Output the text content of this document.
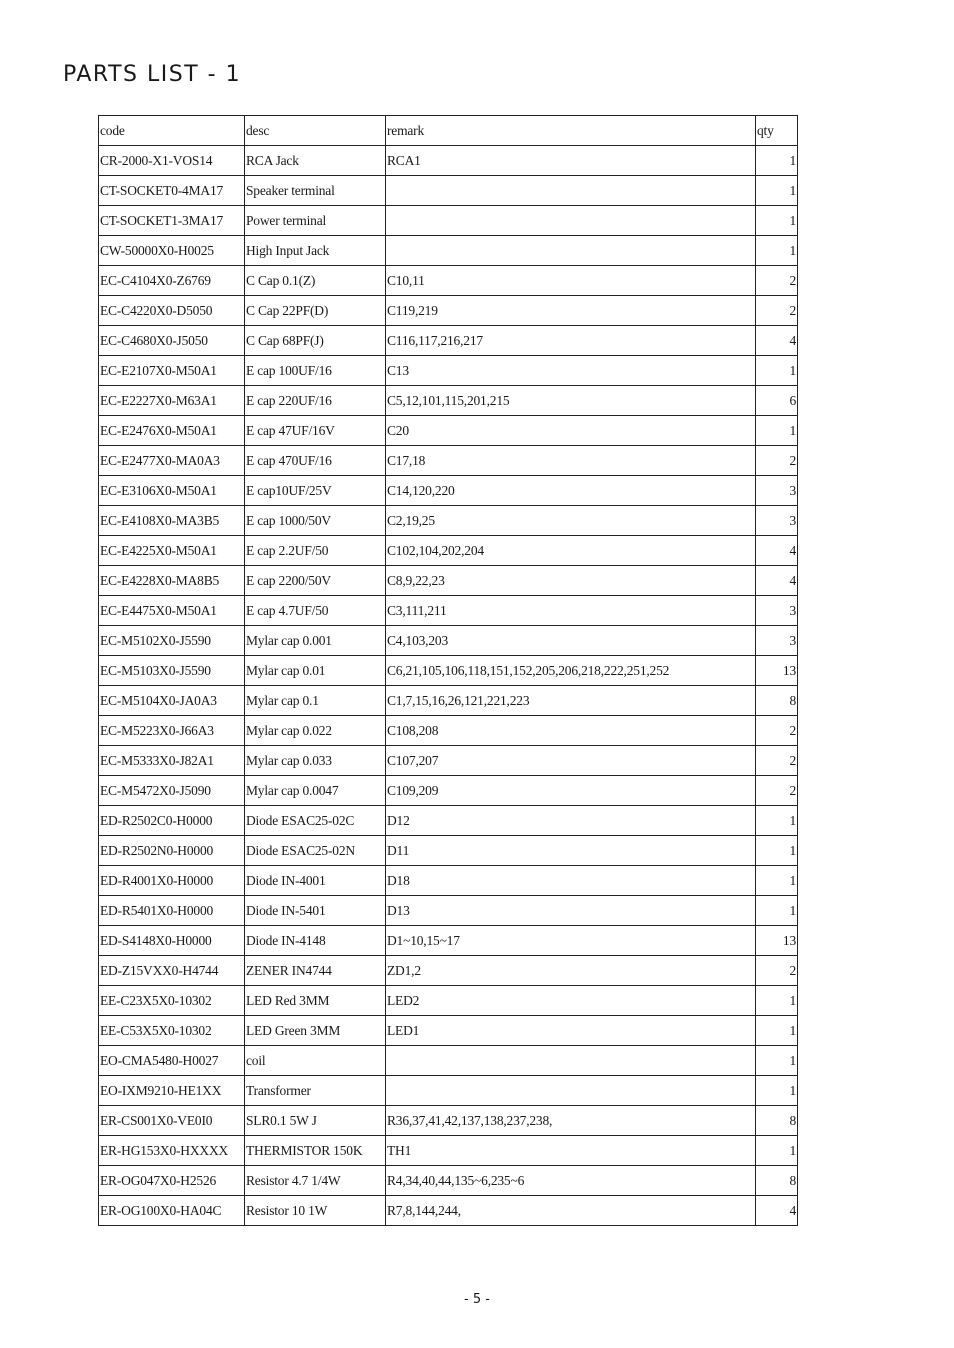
PARTS LIST - 1
code	desc	remark	qty
CR-2000-X1-VOS14	RCA Jack	RCA1	1
CT-SOCKET0-4MA17	Speaker terminal		1
CT-SOCKET1-3MA17	Power terminal		1
CW-50000X0-H0025	High Input Jack		1
EC-C4104X0-Z6769	C Cap 0.1(Z)	C10,11	2
EC-C4220X0-D5050	C Cap 22PF(D)	C119,219	2
EC-C4680X0-J5050	C Cap 68PF(J)	C116,117,216,217	4
EC-E2107X0-M50A1	E cap 100UF/16	C13	1
EC-E2227X0-M63A1	E cap 220UF/16	C5,12,101,115,201,215	6
EC-E2476X0-M50A1	E cap 47UF/16V	C20	1
EC-E2477X0-MA0A3	E cap 470UF/16	C17,18	2
EC-E3106X0-M50A1	E cap10UF/25V	C14,120,220	3
EC-E4108X0-MA3B5	E cap 1000/50V	C2,19,25	3
EC-E4225X0-M50A1	E cap 2.2UF/50	C102,104,202,204	4
EC-E4228X0-MA8B5	E cap 2200/50V	C8,9,22,23	4
EC-E4475X0-M50A1	E cap 4.7UF/50	C3,111,211	3
EC-M5102X0-J5590	Mylar cap 0.001	C4,103,203	3
EC-M5103X0-J5590	Mylar cap 0.01	C6,21,105,106,118,151,152,205,206,218,222,251,252	13
EC-M5104X0-JA0A3	Mylar cap 0.1	C1,7,15,16,26,121,221,223	8
EC-M5223X0-J66A3	Mylar cap 0.022	C108,208	2
EC-M5333X0-J82A1	Mylar cap 0.033	C107,207	2
EC-M5472X0-J5090	Mylar cap 0.0047	C109,209	2
ED-R2502C0-H0000	Diode ESAC25-02C	D12	1
ED-R2502N0-H0000	Diode ESAC25-02N	D11	1
ED-R4001X0-H0000	Diode IN-4001	D18	1
ED-R5401X0-H0000	Diode IN-5401	D13	1
ED-S4148X0-H0000	Diode IN-4148	D1~10,15~17	13
ED-Z15VXX0-H4744	ZENER IN4744	ZD1,2	2
EE-C23X5X0-10302	LED Red 3MM	LED2	1
EE-C53X5X0-10302	LED Green 3MM	LED1	1
EO-CMA5480-H0027	coil		1
EO-IXM9210-HE1XX	Transformer		1
ER-CS001X0-VE0I0	SLR0.1 5W J	R36,37,41,42,137,138,237,238,	8
ER-HG153X0-HXXXX	THERMISTOR 150K	TH1	1
ER-OG047X0-H2526	Resistor 4.7 1/4W	R4,34,40,44,135~6,235~6	8
ER-OG100X0-HA04C	Resistor 10 1W	R7,8,144,244,	4
- 5 -
